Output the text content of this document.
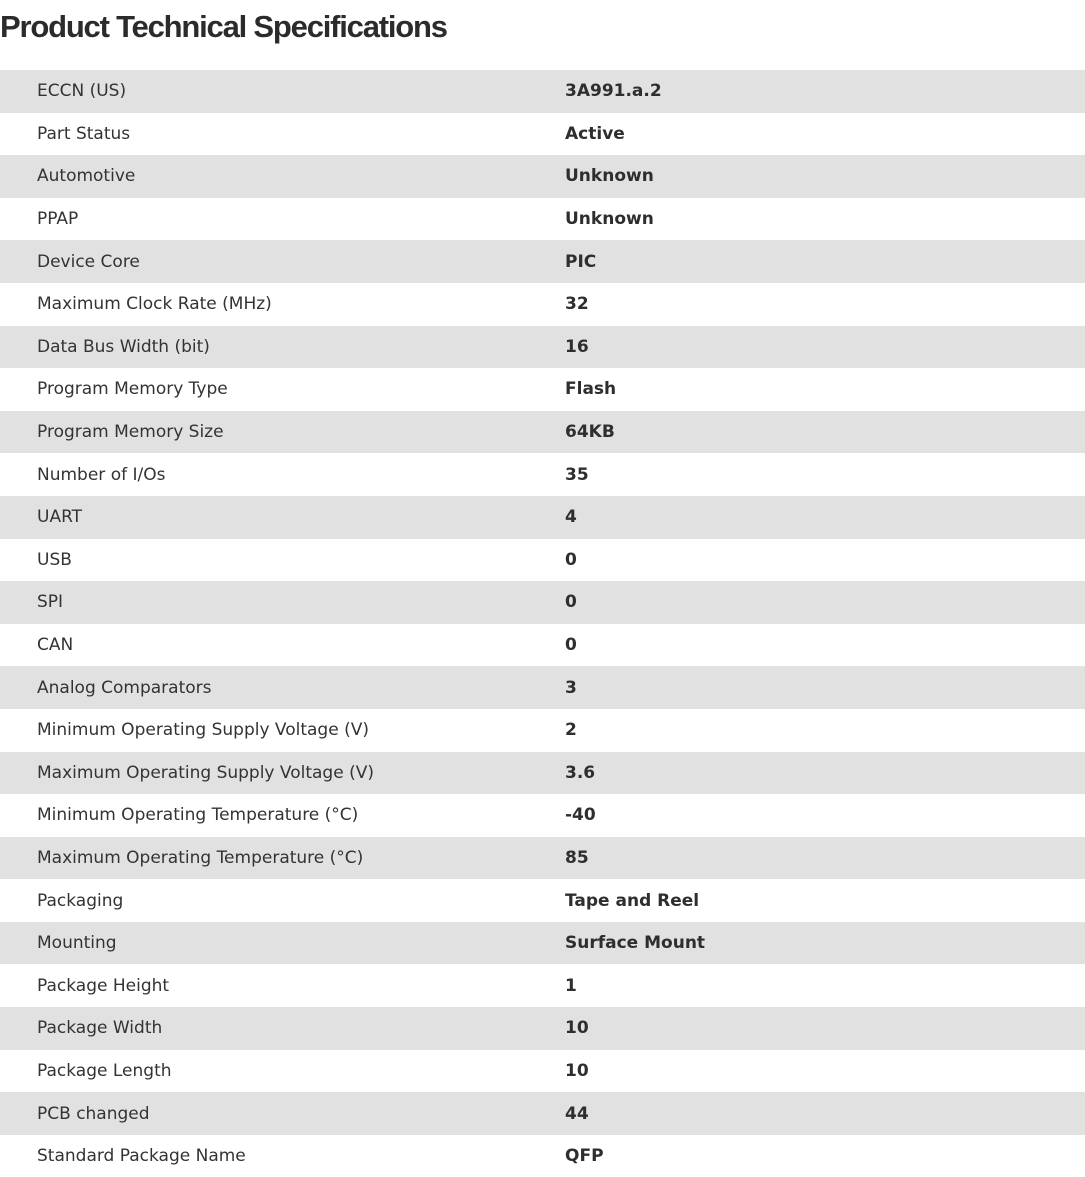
Product Technical Specifications
ECCN (US)	3A991.a.2
Part Status	Active
Automotive	Unknown
PPAP	Unknown
Device Core	PIC
Maximum Clock Rate (MHz)	32
Data Bus Width (bit)	16
Program Memory Type	Flash
Program Memory Size	64KB
Number of I/Os	35
UART	4
USB	0
SPI	0
CAN	0
Analog Comparators	3
Minimum Operating Supply Voltage (V)	2
Maximum Operating Supply Voltage (V)	3.6
Minimum Operating Temperature (°C)	-40
Maximum Operating Temperature (°C)	85
Packaging	Tape and Reel
Mounting	Surface Mount
Package Height	1
Package Width	10
Package Length	10
PCB changed	44
Standard Package Name	QFP
